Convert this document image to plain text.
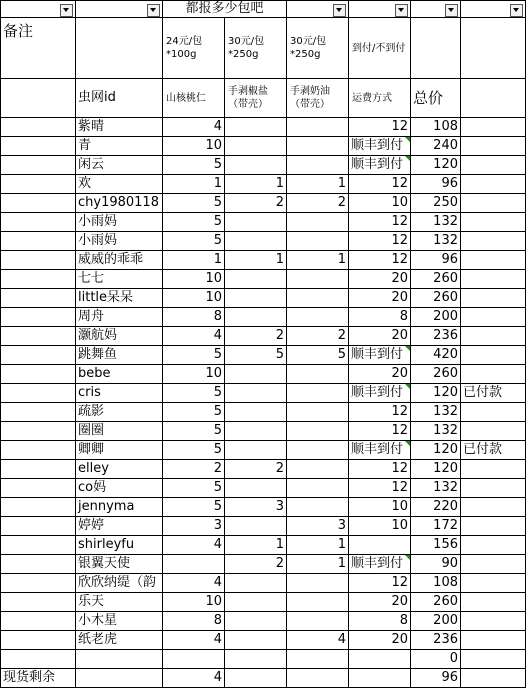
	都报多少包吧		

备注		24元/包 *100g	30元/包 *250g	30元/包 *250g	到付/不到付		
	虫网id	山核桃仁	手剥椒盐（带壳）	手剥奶油（带壳）	运费方式	总价	
	紫晴	4			12	108	
	青	10			顺丰到付	240	
	闲云	5			顺丰到付	120	
	欢	1	1	1	12	96	
	chy1980118	5	2	2	10	250	
	小雨妈	5			12	132	
	小雨妈	5			12	132	
	威威的乖乖	1	1	1	12	96	
	七七	10			20	260	
	little呆呆	10			20	260	
	周舟	8			8	200	
	灏航妈	4	2	2	20	236	
	跳舞鱼	5	5	5	顺丰到付	420	
	bebe	10			20	260	
	cris	5			顺丰到付	120	已付款
	疏影	5			12	132	
	圈圈	5			12	132	
	卿卿	5			顺丰到付	120	已付款
	elley	2	2		12	120	
	co妈	5			12	132	
	jennyma	5	3		10	220	
	婷婷	3		3	10	172	
	shirleyfu	4	1	1		156	
	银翼天使		2	1	顺丰到付	90	
	欣欣纳缇（韵	4			12	108	
	乐天	10			20	260	
	小木星	8			8	200	
	纸老虎	4		4	20	236	
						0	
现货剩余		4				96	
